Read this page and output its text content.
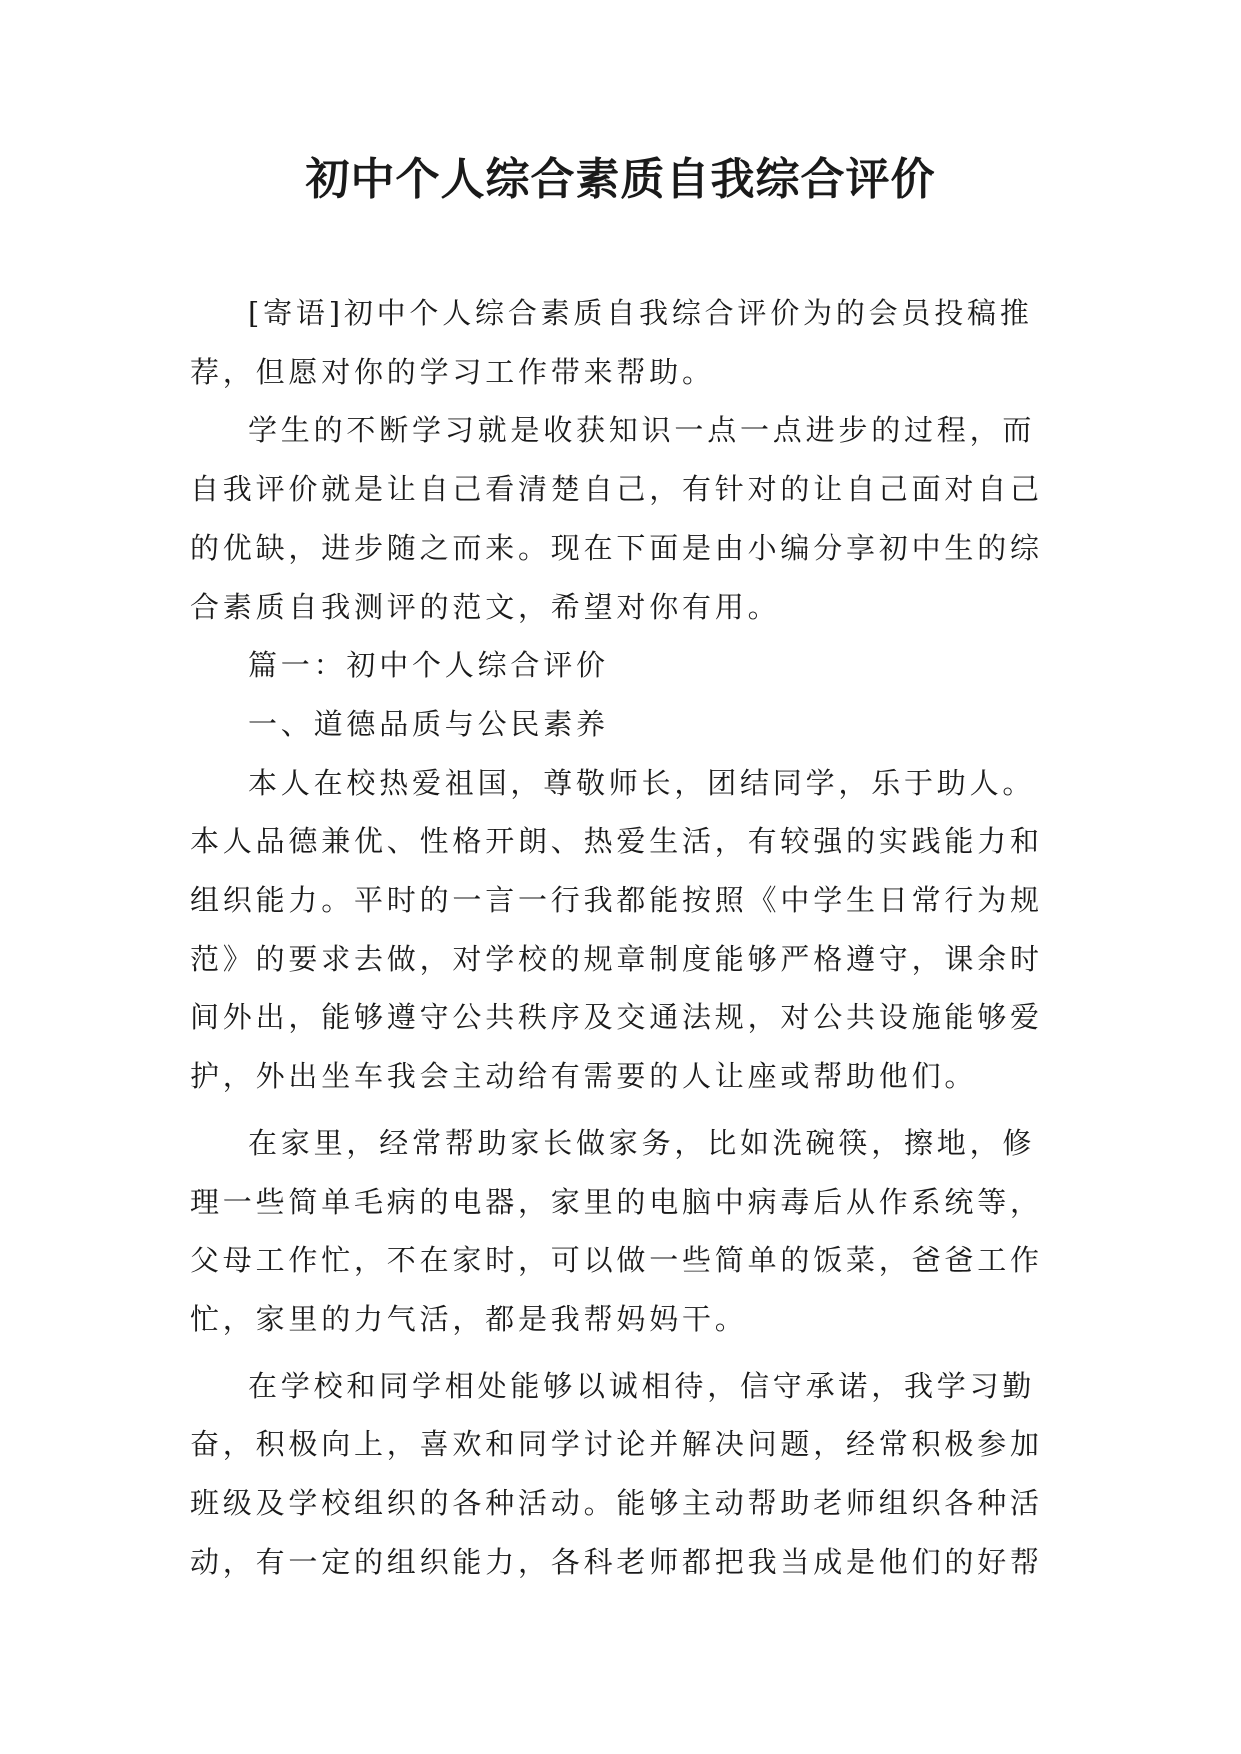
初中个人综合素质自我综合评价

[寄语]初中个人综合素质自我综合评价为的会员投稿推荐，但愿对你的学习工作带来帮助。

学生的不断学习就是收获知识一点一点进步的过程，而自我评价就是让自己看清楚自己，有针对的让自己面对自己的优缺，进步随之而来。现在下面是由小编分享初中生的综合素质自我测评的范文，希望对你有用。

篇一：初中个人综合评价

一、道德品质与公民素养

本人在校热爱祖国，尊敬师长，团结同学，乐于助人。本人品德兼优、性格开朗、热爱生活，有较强的实践能力和组织能力。平时的一言一行我都能按照《中学生日常行为规范》的要求去做，对学校的规章制度能够严格遵守，课余时间外出，能够遵守公共秩序及交通法规，对公共设施能够爱护，外出坐车我会主动给有需要的人让座或帮助他们。

在家里，经常帮助家长做家务，比如洗碗筷，擦地，修理一些简单毛病的电器，家里的电脑中病毒后从作系统等，父母工作忙，不在家时，可以做一些简单的饭菜，爸爸工作忙，家里的力气活，都是我帮妈妈干。

在学校和同学相处能够以诚相待，信守承诺，我学习勤奋，积极向上，喜欢和同学讨论并解决问题，经常积极参加班级及学校组织的各种活动。能够主动帮助老师组织各种活动，有一定的组织能力，各科老师都把我当成是他们的好帮
